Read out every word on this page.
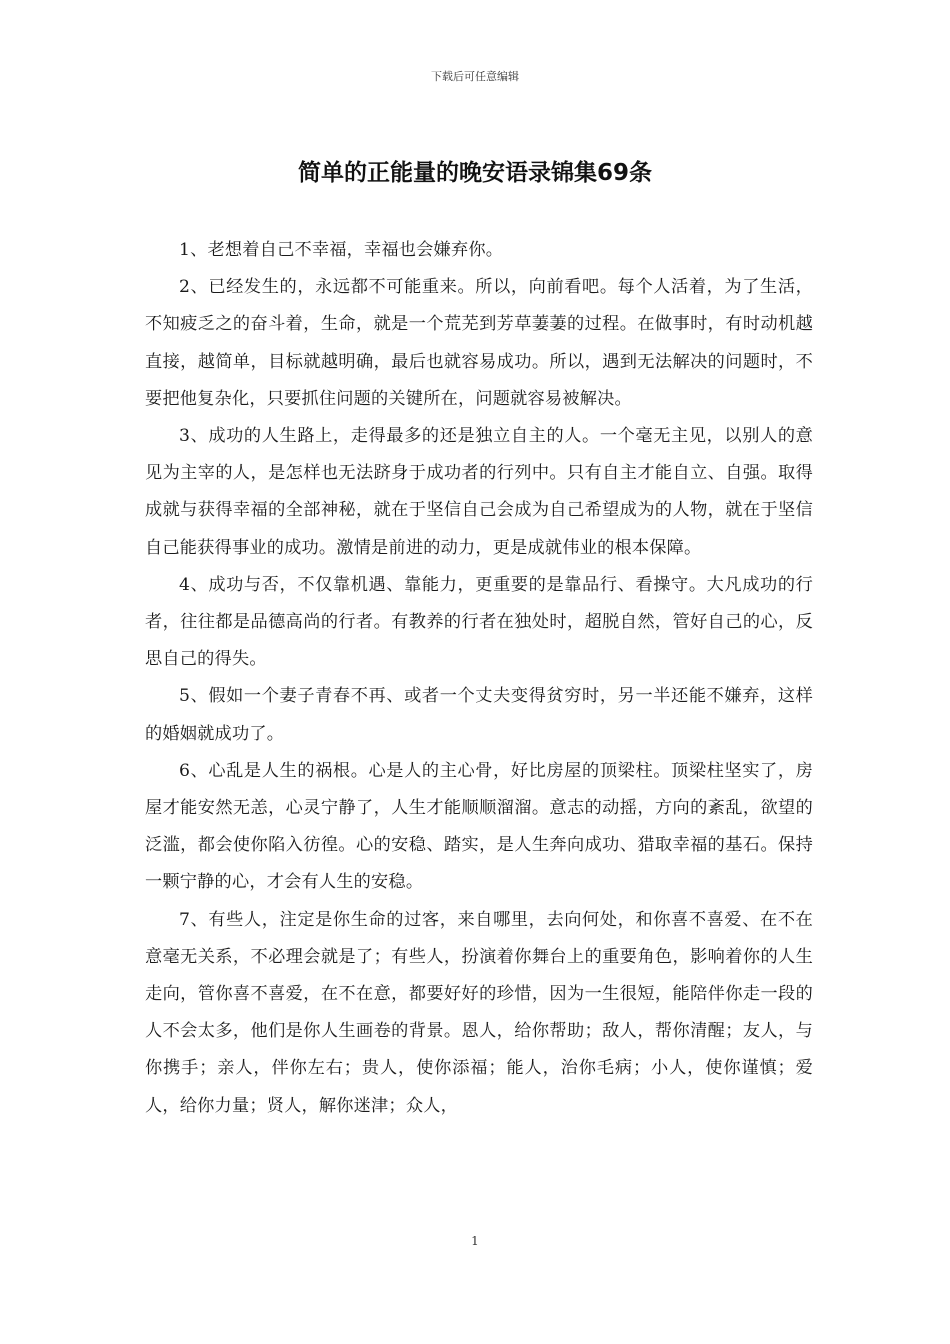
下载后可任意编辑
简单的正能量的晚安语录锦集69条

1、老想着自己不幸福，幸福也会嫌弃你。

2、已经发生的，永远都不可能重来。所以，向前看吧。每个人活着，为了生活，不知疲乏之的奋斗着，生命，就是一个荒芜到芳草萋萋的过程。在做事时，有时动机越直接，越简单，目标就越明确，最后也就容易成功。所以，遇到无法解决的问题时，不要把他复杂化，只要抓住问题的关键所在，问题就容易被解决。

3、成功的人生路上，走得最多的还是独立自主的人。一个毫无主见，以别人的意见为主宰的人，是怎样也无法跻身于成功者的行列中。只有自主才能自立、自强。取得成就与获得幸福的全部神秘，就在于坚信自己会成为自己希望成为的人物，就在于坚信自己能获得事业的成功。激情是前进的动力，更是成就伟业的根本保障。

4、成功与否，不仅靠机遇、靠能力，更重要的是靠品行、看操守。大凡成功的行者，往往都是品德高尚的行者。有教养的行者在独处时，超脱自然，管好自己的心，反思自己的得失。

5、假如一个妻子青春不再、或者一个丈夫变得贫穷时，另一半还能不嫌弃，这样的婚姻就成功了。

6、心乱是人生的祸根。心是人的主心骨，好比房屋的顶梁柱。顶梁柱坚实了，房屋才能安然无恙，心灵宁静了，人生才能顺顺溜溜。意志的动摇，方向的紊乱，欲望的泛滥，都会使你陷入彷徨。心的安稳、踏实，是人生奔向成功、猎取幸福的基石。保持一颗宁静的心，才会有人生的安稳。

7、有些人，注定是你生命的过客，来自哪里，去向何处，和你喜不喜爱、在不在意毫无关系，不必理会就是了；有些人，扮演着你舞台上的重要角色，影响着你的人生走向，管你喜不喜爱，在不在意，都要好好的珍惜，因为一生很短，能陪伴你走一段的人不会太多，他们是你人生画卷的背景。恩人，给你帮助；敌人，帮你清醒；友人，与你携手；亲人，伴你左右；贵人，使你添福；能人，治你毛病；小人，使你谨慎；爱人，给你力量；贤人，解你迷津；众人，

1
